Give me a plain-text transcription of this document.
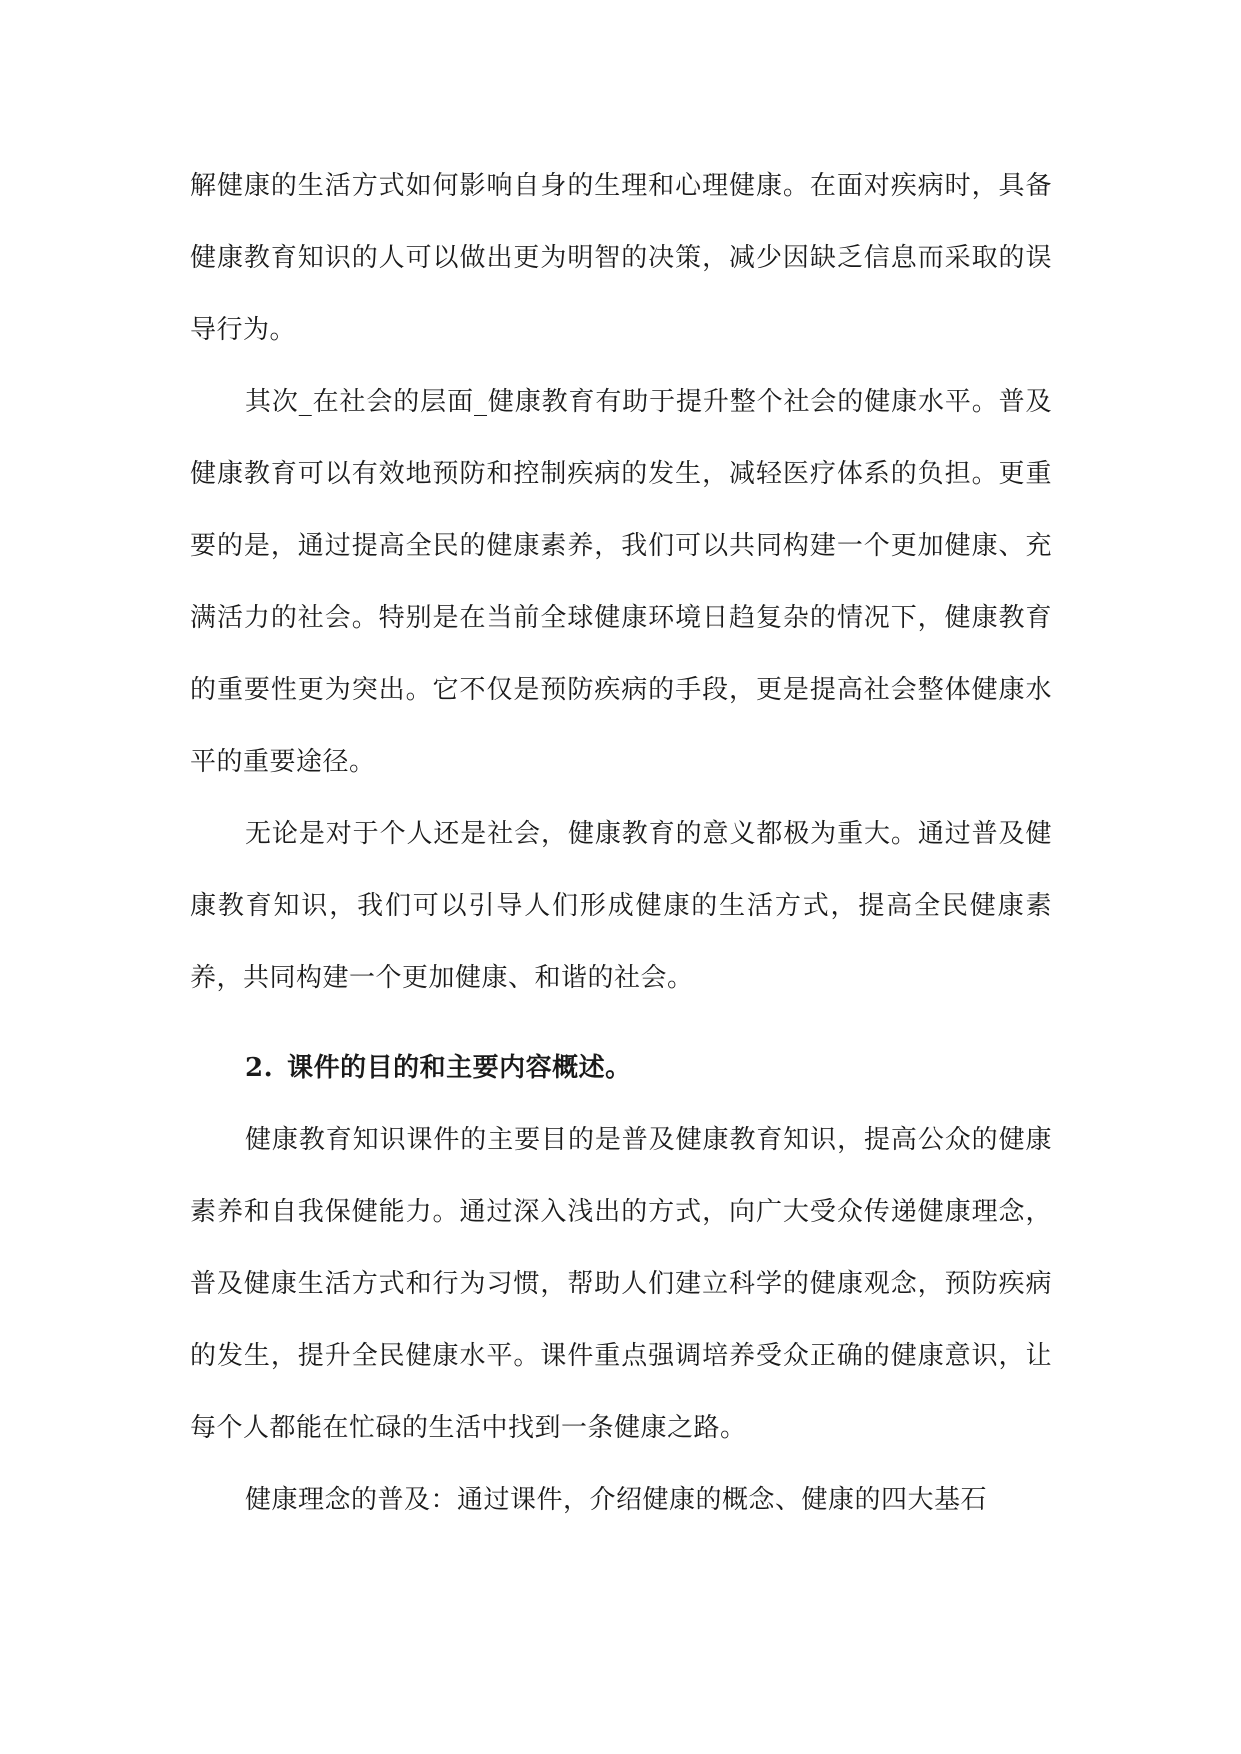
解健康的生活方式如何影响自身的生理和心理健康。在面对疾病时，具备健康教育知识的人可以做出更为明智的决策，减少因缺乏信息而采取的误导行为。

其次_在社会的层面_健康教育有助于提升整个社会的健康水平。普及健康教育可以有效地预防和控制疾病的发生，减轻医疗体系的负担。更重要的是，通过提高全民的健康素养，我们可以共同构建一个更加健康、充满活力的社会。特别是在当前全球健康环境日趋复杂的情况下，健康教育的重要性更为突出。它不仅是预防疾病的手段，更是提高社会整体健康水平的重要途径。

无论是对于个人还是社会，健康教育的意义都极为重大。通过普及健康教育知识，我们可以引导人们形成健康的生活方式，提高全民健康素养，共同构建一个更加健康、和谐的社会。

2. 课件的目的和主要内容概述。

健康教育知识课件的主要目的是普及健康教育知识，提高公众的健康素养和自我保健能力。通过深入浅出的方式，向广大受众传递健康理念，普及健康生活方式和行为习惯，帮助人们建立科学的健康观念，预防疾病的发生，提升全民健康水平。课件重点强调培养受众正确的健康意识，让每个人都能在忙碌的生活中找到一条健康之路。

健康理念的普及：通过课件，介绍健康的概念、健康的四大基石
